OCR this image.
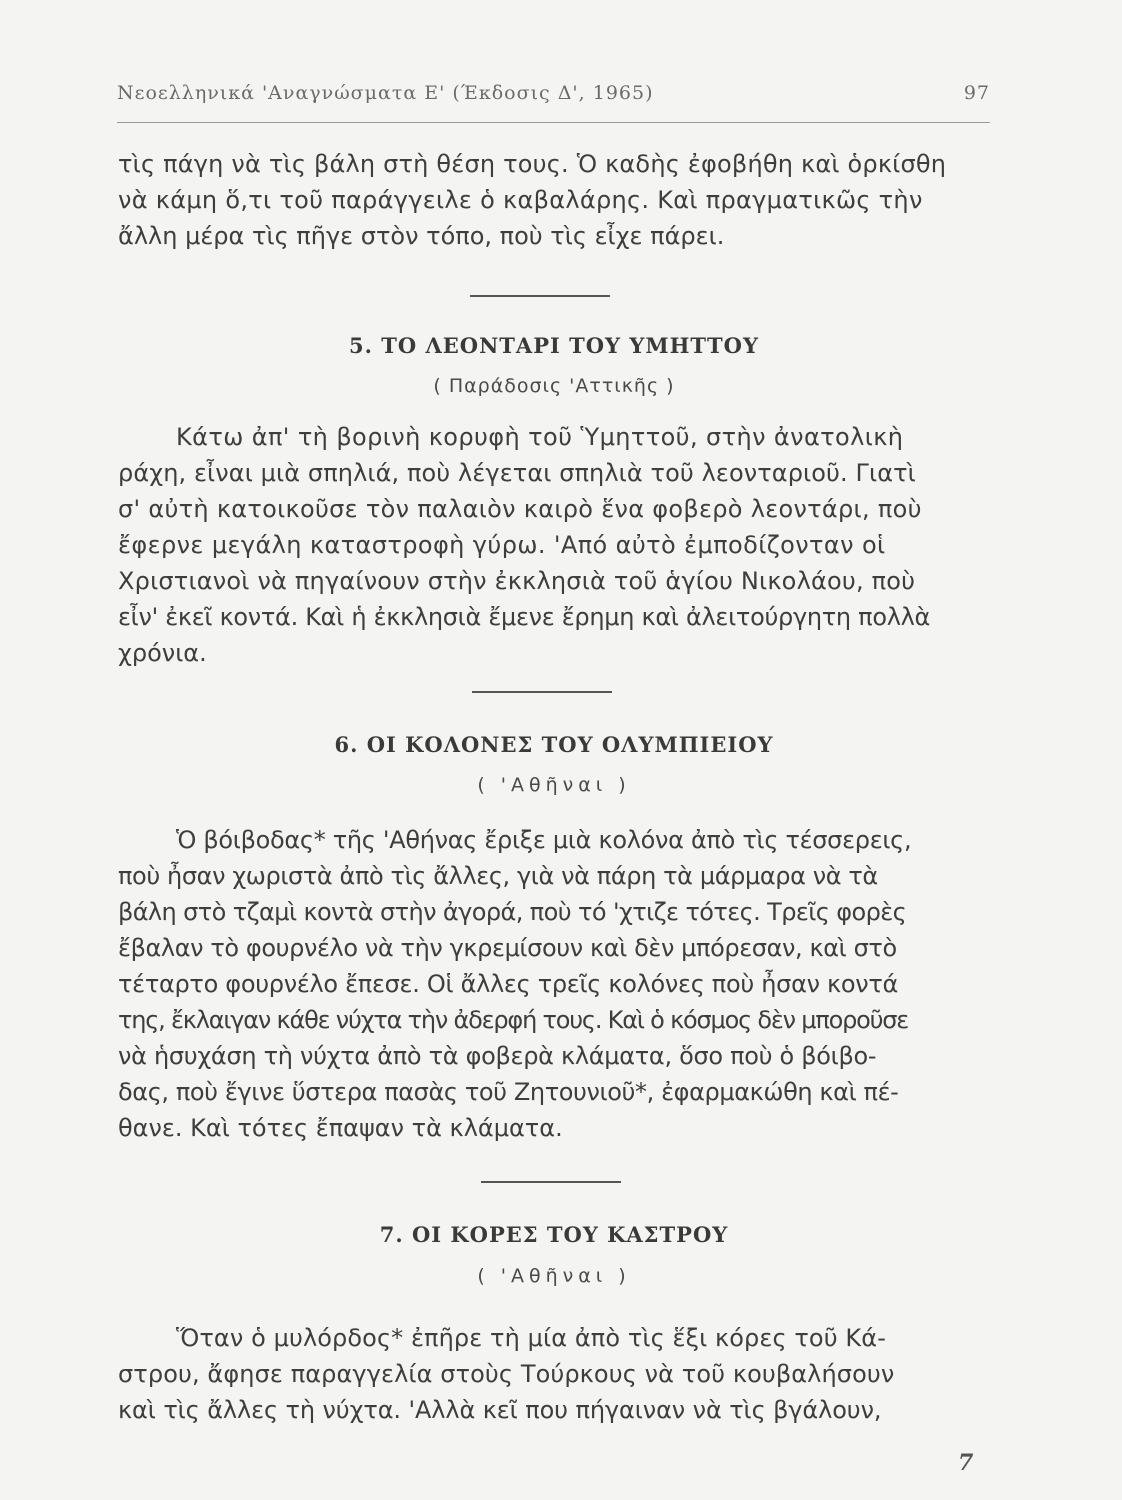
Νεοελληνικά 'Αναγνώσματα Ε' (Έκδοσις Δ', 1965)	97
τὶς πάγη νὰ τὶς βάλη στὴ θέση τους. Ὁ καδὴς ἐφοβήθη καὶ ὁρκίσθη
νὰ κάμη ὅ,τι τοῦ παράγγειλε ὁ καβαλάρης. Καὶ πραγματικῶς τὴν
ἄλλη μέρα τὶς πῆγε στὸν τόπο, ποὺ τὶς εἶχε πάρει.
5. ΤΟ ΛΕΟΝΤΑΡΙ ΤΟΥ ΥΜΗΤΤΟΥ
( Παράδοσις 'Αττικῆς )
Κάτω ἀπ' τὴ βορινὴ κορυφὴ τοῦ Ὑμηττοῦ, στὴν ἀνατολικὴ
ράχη, εἶναι μιὰ σπηλιά, ποὺ λέγεται σπηλιὰ τοῦ λεονταριοῦ. Γιατὶ
σ' αὐτὴ κατοικοῦσε τὸν παλαιὸν καιρὸ ἕνα φοβερὸ λεοντάρι, ποὺ
ἔφερνε μεγάλη καταστροφὴ γύρω. 'Από αὐτὸ ἐμποδίζονταν οἱ
Χριστιανοὶ νὰ πηγαίνουν στὴν ἐκκλησιὰ τοῦ ἁγίου Νικολάου, ποὺ
εἶν' ἐκεῖ κοντά. Καὶ ἡ ἐκκλησιὰ ἔμενε ἔρημη καὶ ἀλειτούργητη πολλὰ
χρόνια.
6. ΟΙ ΚΟΛΟΝΕΣ ΤΟΥ ΟΛΥΜΠΙΕΙΟΥ
( 'Αθῆναι )
Ὁ βόιβοδας* τῆς 'Αθήνας ἔριξε μιὰ κολόνα ἀπὸ τὶς τέσσερεις,
ποὺ ἦσαν χωριστὰ ἀπὸ τὶς ἄλλες, γιὰ νὰ πάρη τὰ μάρμαρα νὰ τὰ
βάλη στὸ τζαμὶ κοντὰ στὴν ἀγορά, ποὺ τό 'χτιζε τότες. Τρεῖς φορὲς
ἔβαλαν τὸ φουρνέλο νὰ τὴν γκρεμίσουν καὶ δὲν μπόρεσαν, καὶ στὸ
τέταρτο φουρνέλο ἔπεσε. Οἱ ἄλλες τρεῖς κολόνες ποὺ ἦσαν κοντά
της, ἔκλαιγαν κάθε νύχτα τὴν ἀδερφή τους. Καὶ ὁ κόσμος δὲν μποροῦσε
νὰ ἡσυχάση τὴ νύχτα ἀπὸ τὰ φοβερὰ κλάματα, ὅσο ποὺ ὁ βόιβο-
δας, ποὺ ἔγινε ὕστερα πασὰς τοῦ Ζητουνιοῦ*, ἐφαρμακώθη καὶ πέ-
θανε. Καὶ τότες ἔπαψαν τὰ κλάματα.
7. ΟΙ ΚΟΡΕΣ ΤΟΥ ΚΑΣΤΡΟΥ
( 'Αθῆναι )
Ὅταν ὁ μυλόρδος* ἐπῆρε τὴ μία ἀπὸ τὶς ἕξι κόρες τοῦ Κά-
στρου, ἄφησε παραγγελία στοὺς Τούρκους νὰ τοῦ κουβαλήσουν
καὶ τὶς ἄλλες τὴ νύχτα. 'Αλλὰ κεῖ που πήγαιναν νὰ τὶς βγάλουν,
7
